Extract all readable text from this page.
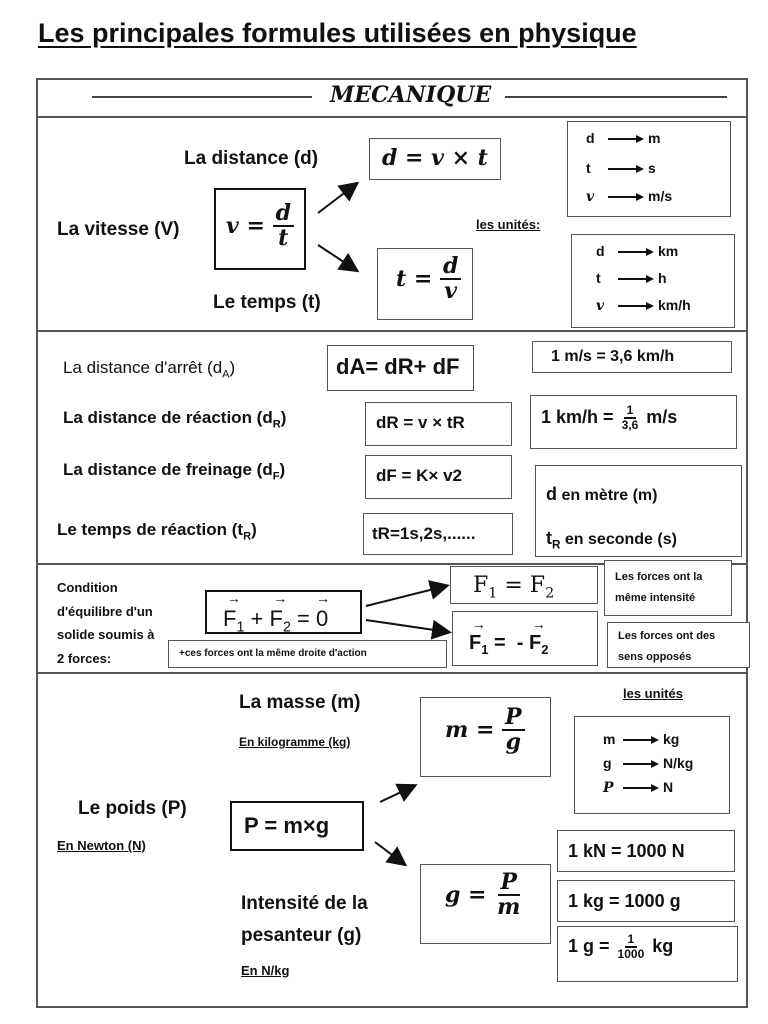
Les principales formules utilisées en physique
MECANIQUE
La distance (d)
La vitesse (V)
Le temps (t)
d = v × t
v =
$\frac{d}{t}$
t =
$\frac{d}{v}$
les unités:
d	m
t	s
v	m/s
d	km
t	h
v	km/h
La distance d'arrêt $(d_A)$
La distance de réaction $(d_R)$
La distance de freinage $(d_F)$
Le temps de réaction $(t_R)$
dA= dR+ dF
dR = v × tR
dF = K× v2
tR=1s,2s,......
1 m/s = 3,6 km/h
1 km/h =
$\frac{1}{3,6}$
m/s
d en mètre (m)
$t_R$ en seconde (s)
Condition
d'équilibre d'un
solide soumis à
2 forces:
→ $F_1$ + → $F_2$ = → 0
+ces forces ont la même droite d'action
$F_1 = F_2$
→ $F_1$ =  - → $F_2$
Les forces ont la
même intensité
Les forces ont des
sens opposés
La masse (m)
En kilogramme (kg)
Le poids (P)
En Newton (N)
Intensité de la
pesanteur (g)
En N/kg
m =
$\frac{P}{g}$
P = m×g
g =
$\frac{P}{m}$
les unités
m	kg
g	N/kg
P	N
1 kN = 1000 N
1 kg = 1000 g
1 g =
$\frac{1}{1000}$
kg
